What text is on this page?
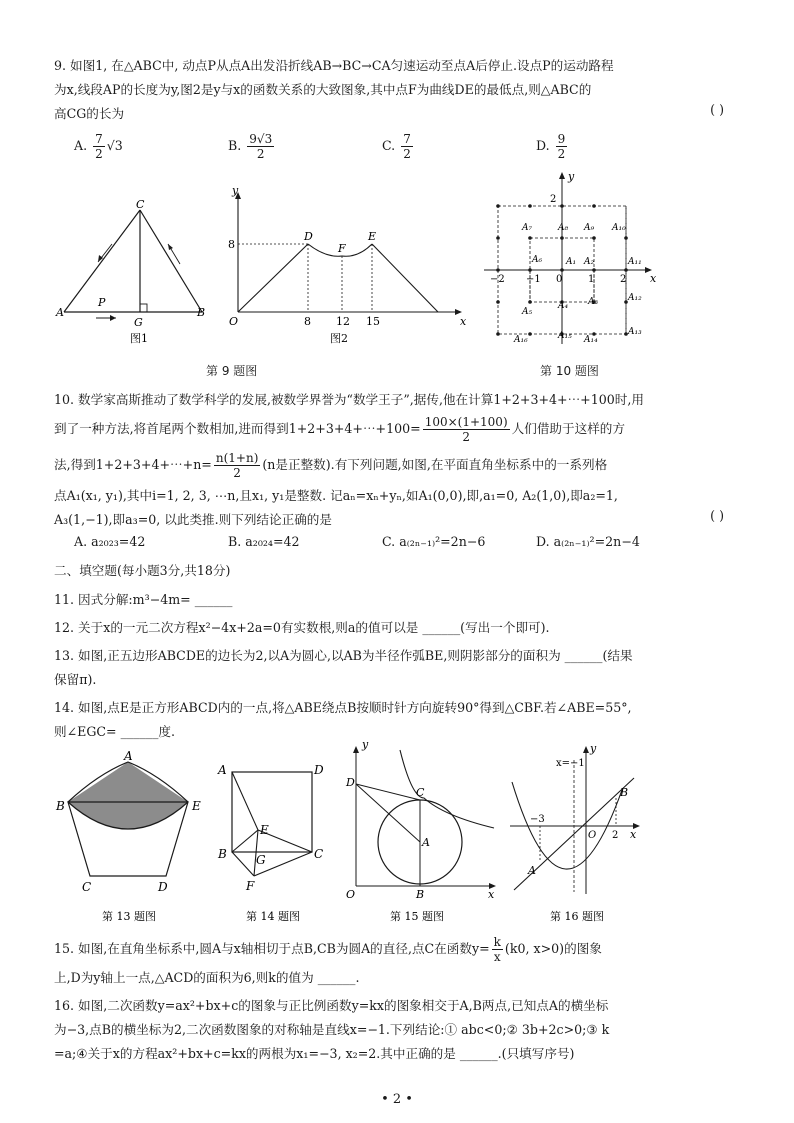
9. 如图1, 在△ABC中, 动点P从点A出发沿折线AB→BC→CA匀速运动至点A后停止.设点P的运动路程
为x,线段AP的长度为y,图2是y与x的函数关系的大致图象,其中点F为曲线DE的最低点,则△ABC的
高CG的长为	( )
A. $\frac{7}{2} √3$	B. $\frac{9√3}{2}$	C. $\frac{7}{2}$	D. $\frac{9}{2}$
C
A	B
P
G
图1
y
x
O
8
D
F
E
8 12 15
图2
y
x
2
−2 −1 0	1	2
A₁ A₂
A₃
A₄
A₅
A₆
A₇	A₈ A₉ A₁₀
A₁₁
A₁₂
A₁₃
A₁₄
A₁₅
A₁₆
第 9 题图	第 10 题图
10. 数学家高斯推动了数学科学的发展,被数学界誉为“数学王子”,据传,他在计算1+2+3+4+⋯+100时,用
到了一种方法,将首尾两个数相加,进而得到1+2+3+4+⋯+100= $\frac{100\times(1+100)}{2}$ 人们借助于这样的方
法,得到1+2+3+4+⋯+n= $\frac{n(1+n)}{2} (n$是正整数).有下列问题,如图,在平面直角坐标系中的一系列格
点A₁(x₁, y₁),其中i=1, 2, 3, ⋯n,且x₁, y₁是整数. 记aₙ=xₙ+yₙ,如A₁(0,0),即,a₁=0, A₂(1,0),即a₂=1,
A₃(1,−1),即a₃=0, 以此类推.则下列结论正确的是	( )
A. a₂₀₂₃=42	B. a₂₀₂₄=42	C. a₍₂ₙ₋₁₎²=2n−6	D. a₍₂ₙ₋₁₎²=2n−4
二、填空题(每小题3分,共18分)
11. 因式分解:m³−4m= ______
12. 关于x的一元二次方程x²−4x+2a=0有实数根,则a的值可以是 ______(写出一个即可).
13. 如图,正五边形ABCDE的边长为2,以A为圆心,以AB为半径作弧BE,则阴影部分的面积为 ______(结果
保留π).
14. 如图,点E是正方形ABCD内的一点,将△ABE绕点B按顺时针方向旋转90°得到△CBF.若∠ABE=55°,
则∠EGC= ______度.
A
B	E
C	D
第 13 题图
A	D
E
B G	C
F
第 14 题图
y
x
D
C
A
O	B
第 15 题图
y
x
x=−1
−3
O 2
A
B
第 16 题图
15. 如图,在直角坐标系中,圆A与x轴相切于点B,CB为圆A的直径,点C在函数$y= \frac{k}{x} (k0$, x>0)的图象
上,D为y轴上一点,△ACD的面积为6,则k的值为 ______.
16. 如图,二次函数y=ax²+bx+c的图象与正比例函数y=kx的图象相交于A,B两点,已知点A的横坐标
为−3,点B的横坐标为2,二次函数图象的对称轴是直线x=−1.下列结论:① abc<0;② 3b+2c>0;③ k
=a;④关于x的方程ax²+bx+c=kx的两根为x₁=−3, x₂=2.其中正确的是 ______.(只填写序号)
• 2 •
